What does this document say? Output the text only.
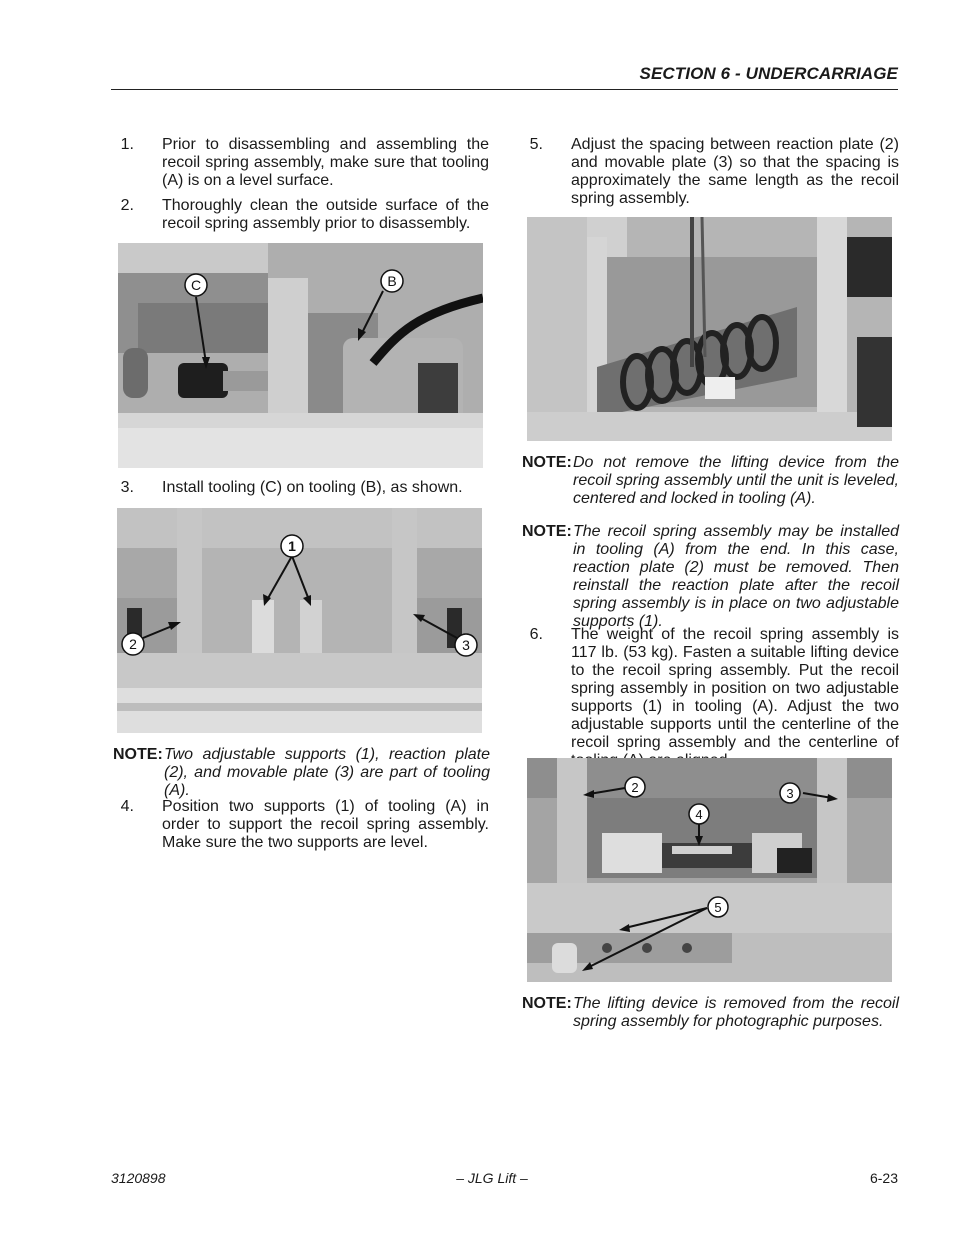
SECTION 6 - UNDERCARRIAGE
1. Prior to disassembling and assembling the recoil spring assembly, make sure that tooling (A) is on a level surface.
2. Thoroughly clean the outside surface of the recoil spring assembly prior to disassembly.
C	B
3. Install tooling (C) on tooling (B), as shown.
1
2	3
NOTE: Two adjustable supports (1), reaction plate (2), and movable plate (3) are part of tooling (A).
4. Position two supports (1) of tooling (A) in order to support the recoil spring assembly. Make sure the two supports are level.
5. Adjust the spacing between reaction plate (2) and movable plate (3) so that the spacing is approximately the same length as the recoil spring assembly.
NOTE: Do not remove the lifting device from the recoil spring assembly until the unit is leveled, centered and locked in tooling (A).
NOTE: The recoil spring assembly may be installed in tooling (A) from the end. In this case, reaction plate (2) must be removed. Then reinstall the reaction plate after the recoil spring assembly is in place on two adjustable supports (1).
6. The weight of the recoil spring assembly is 117 lb. (53 kg). Fasten a suitable lifting device to the recoil spring assembly. Put the recoil spring assembly in position on two adjustable supports (1) in tooling (A). Adjust the two adjustable supports until the centerline of the recoil spring assembly and the centerline of
2	3
4
5
NOTE: The lifting device is removed from the recoil spring assembly for photographic purposes.
3120898	– JLG Lift –	6-23
